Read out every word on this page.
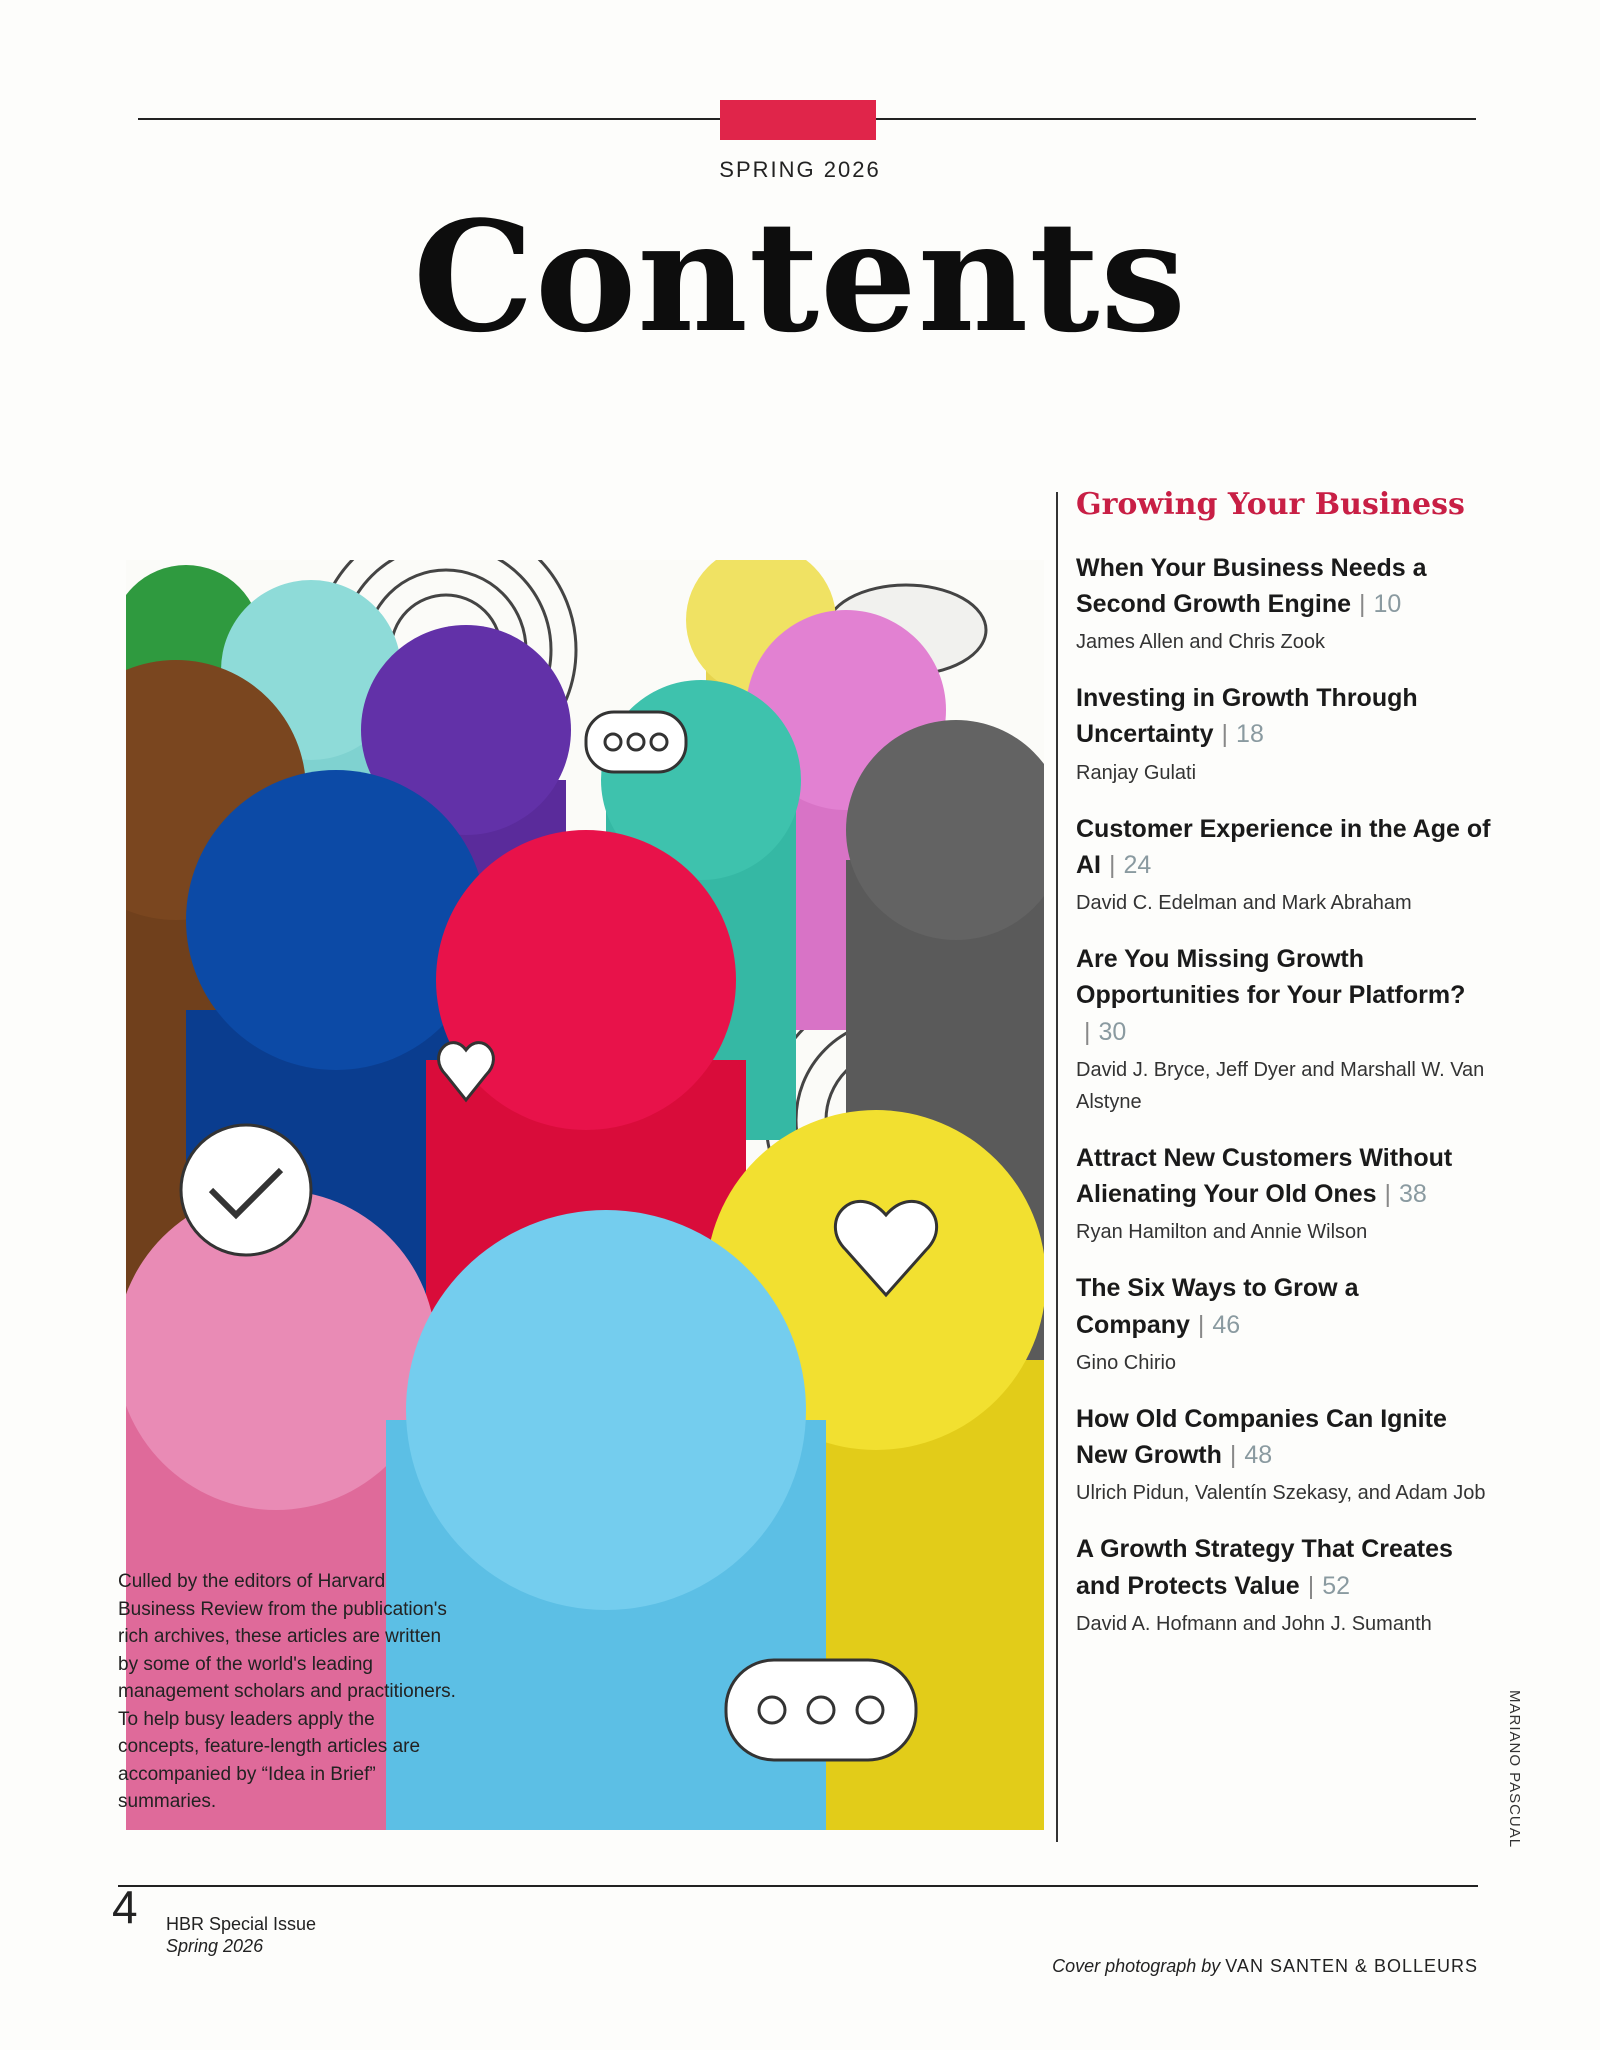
SPRING 2026
Contents

Culled by the editors of Harvard Business Review from the publication's rich archives, these articles are written by some of the world's leading management scholars and practitioners. To help busy leaders apply the concepts, feature-length articles are accompanied by “Idea in Brief” summaries.

Growing Your Business
When Your Business Needs a Second Growth Engine | 10
James Allen and Chris Zook
Investing in Growth Through Uncertainty | 18
Ranjay Gulati
Customer Experience in the Age of AI | 24
David C. Edelman and Mark Abraham
Are You Missing Growth Opportunities for Your Platform?| 30
David J. Bryce, Jeff Dyer and Marshall W. Van Alstyne
Attract New Customers Without Alienating Your Old Ones | 38
Ryan Hamilton and Annie Wilson
The Six Ways to Grow a Company | 46
Gino Chirio
How Old Companies Can Ignite New Growth | 48
Ulrich Pidun, Valentín Szekasy, and Adam Job
A Growth Strategy That Creates and Protects Value | 52
David A. Hofmann and John J. Sumanth
MARIANO PASCUAL
4 HBR Special Issue
Spring 2026
Cover photograph by VAN SANTEN & BOLLEURS
